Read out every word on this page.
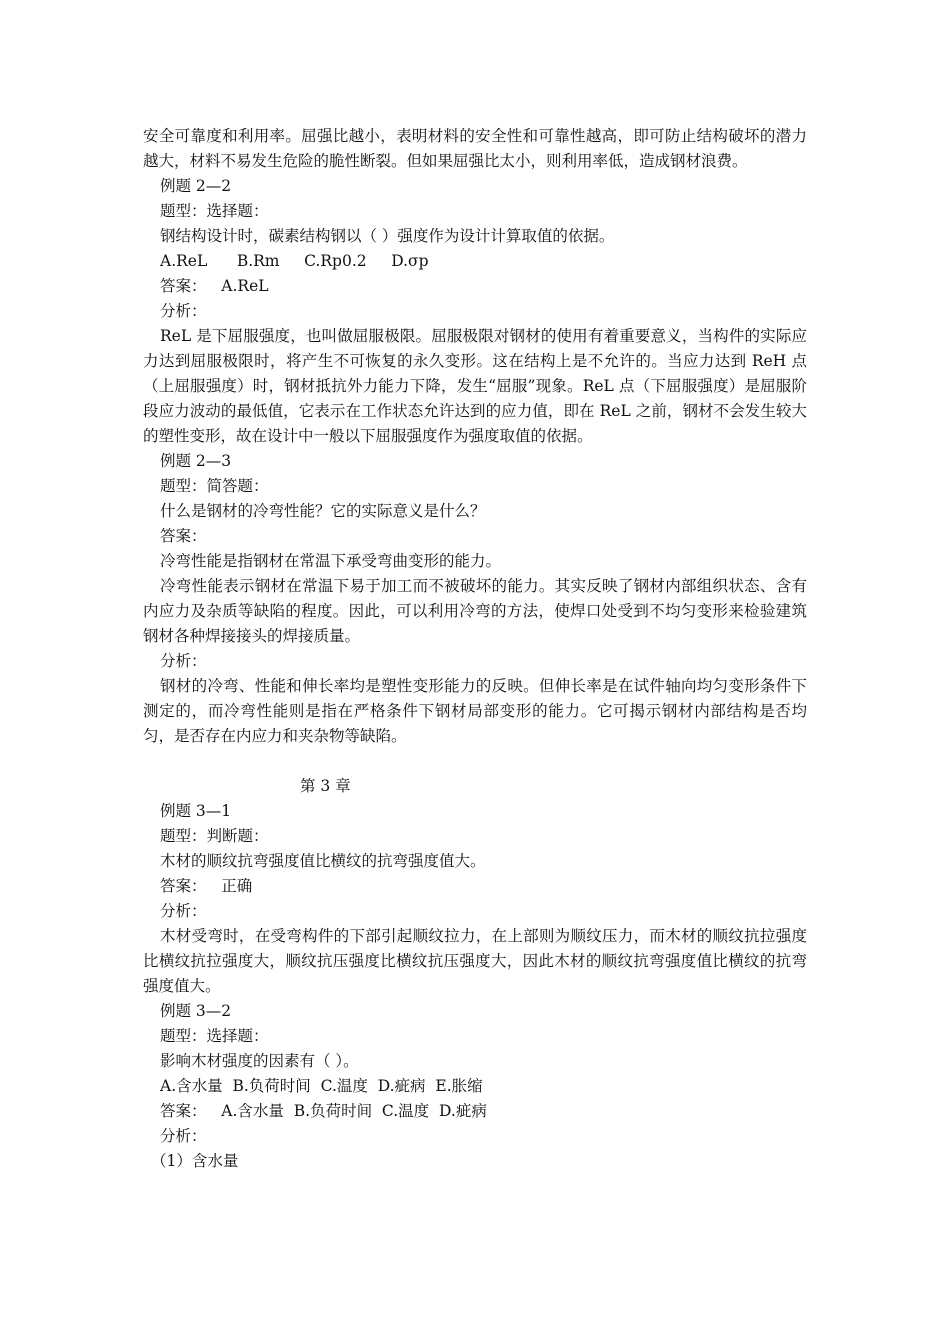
安全可靠度和利用率。屈强比越小，表明材料的安全性和可靠性越高，即可防止结构破坏的潜力越大，材料不易发生危险的脆性断裂。但如果屈强比太小，则利用率低，造成钢材浪费。
例题 2—2
题型：选择题：
钢结构设计时，碳素结构钢以（ ）强度作为设计计算取值的依据。
A.ReL      B.Rm     C.Rp0.2     D.σp
答案：   A.ReL
分析：
ReL 是下屈服强度，也叫做屈服极限。屈服极限对钢材的使用有着重要意义，当构件的实际应力达到屈服极限时，将产生不可恢复的永久变形。这在结构上是不允许的。当应力达到 ReH 点（上屈服强度）时，钢材抵抗外力能力下降，发生“屈服”现象。ReL 点（下屈服强度）是屈服阶段应力波动的最低值，它表示在工作状态允许达到的应力值，即在 ReL 之前，钢材不会发生较大的塑性变形，故在设计中一般以下屈服强度作为强度取值的依据。
例题 2—3
题型：简答题：
什么是钢材的冷弯性能？它的实际意义是什么？
答案：
冷弯性能是指钢材在常温下承受弯曲变形的能力。
冷弯性能表示钢材在常温下易于加工而不被破坏的能力。其实反映了钢材内部组织状态、含有内应力及杂质等缺陷的程度。因此，可以利用冷弯的方法，使焊口处受到不均匀变形来检验建筑钢材各种焊接接头的焊接质量。
分析：
钢材的冷弯、性能和伸长率均是塑性变形能力的反映。但伸长率是在试件轴向均匀变形条件下测定的，而冷弯性能则是指在严格条件下钢材局部变形的能力。它可揭示钢材内部结构是否均匀，是否存在内应力和夹杂物等缺陷。
第 3 章
例题 3—1
题型：判断题：
木材的顺纹抗弯强度值比横纹的抗弯强度值大。
答案：   正确
分析：
木材受弯时，在受弯构件的下部引起顺纹拉力，在上部则为顺纹压力，而木材的顺纹抗拉强度比横纹抗拉强度大，顺纹抗压强度比横纹抗压强度大，因此木材的顺纹抗弯强度值比横纹的抗弯强度值大。
例题 3—2
题型：选择题：
影响木材强度的因素有（ ）。
A.含水量  B.负荷时间  C.温度  D.疵病  E.胀缩
答案：   A.含水量  B.负荷时间  C.温度  D.疵病
分析：
（1）含水量
